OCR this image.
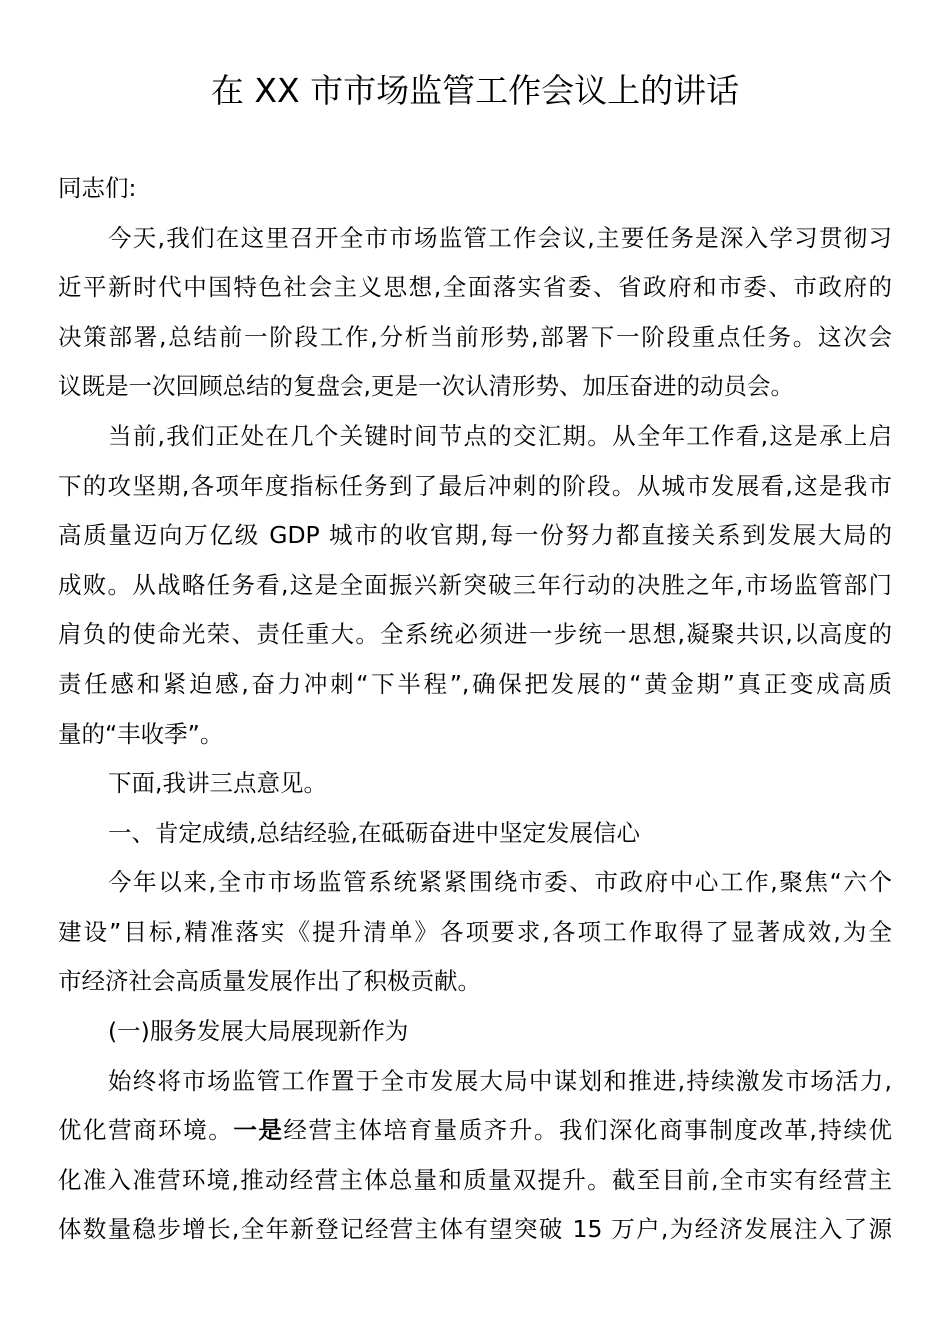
在 XX 市市场监管工作会议上的讲话
同志们:
今天,我们在这里召开全市市场监管工作会议,主要任务是深入学习贯彻习
近平新时代中国特色社会主义思想,全面落实省委、省政府和市委、市政府的
决策部署,总结前一阶段工作,分析当前形势,部署下一阶段重点任务。这次会
议既是一次回顾总结的复盘会,更是一次认清形势、加压奋进的动员会。
当前,我们正处在几个关键时间节点的交汇期。从全年工作看,这是承上启
下的攻坚期,各项年度指标任务到了最后冲刺的阶段。从城市发展看,这是我市
高质量迈向万亿级 GDP 城市的收官期,每一份努力都直接关系到发展大局的
成败。从战略任务看,这是全面振兴新突破三年行动的决胜之年,市场监管部门
肩负的使命光荣、责任重大。全系统必须进一步统一思想,凝聚共识,以高度的
责任感和紧迫感,奋力冲刺“下半程”,确保把发展的“黄金期”真正变成高质
量的“丰收季”。
下面,我讲三点意见。
一、肯定成绩,总结经验,在砥砺奋进中坚定发展信心
今年以来,全市市场监管系统紧紧围绕市委、市政府中心工作,聚焦“六个
建设”目标,精准落实《提升清单》各项要求,各项工作取得了显著成效,为全
市经济社会高质量发展作出了积极贡献。
(一)服务发展大局展现新作为
始终将市场监管工作置于全市发展大局中谋划和推进,持续激发市场活力,
优化营商环境。一是经营主体培育量质齐升。我们深化商事制度改革,持续优
化准入准营环境,推动经营主体总量和质量双提升。截至目前,全市实有经营主
体数量稳步增长,全年新登记经营主体有望突破 15 万户,为经济发展注入了源
